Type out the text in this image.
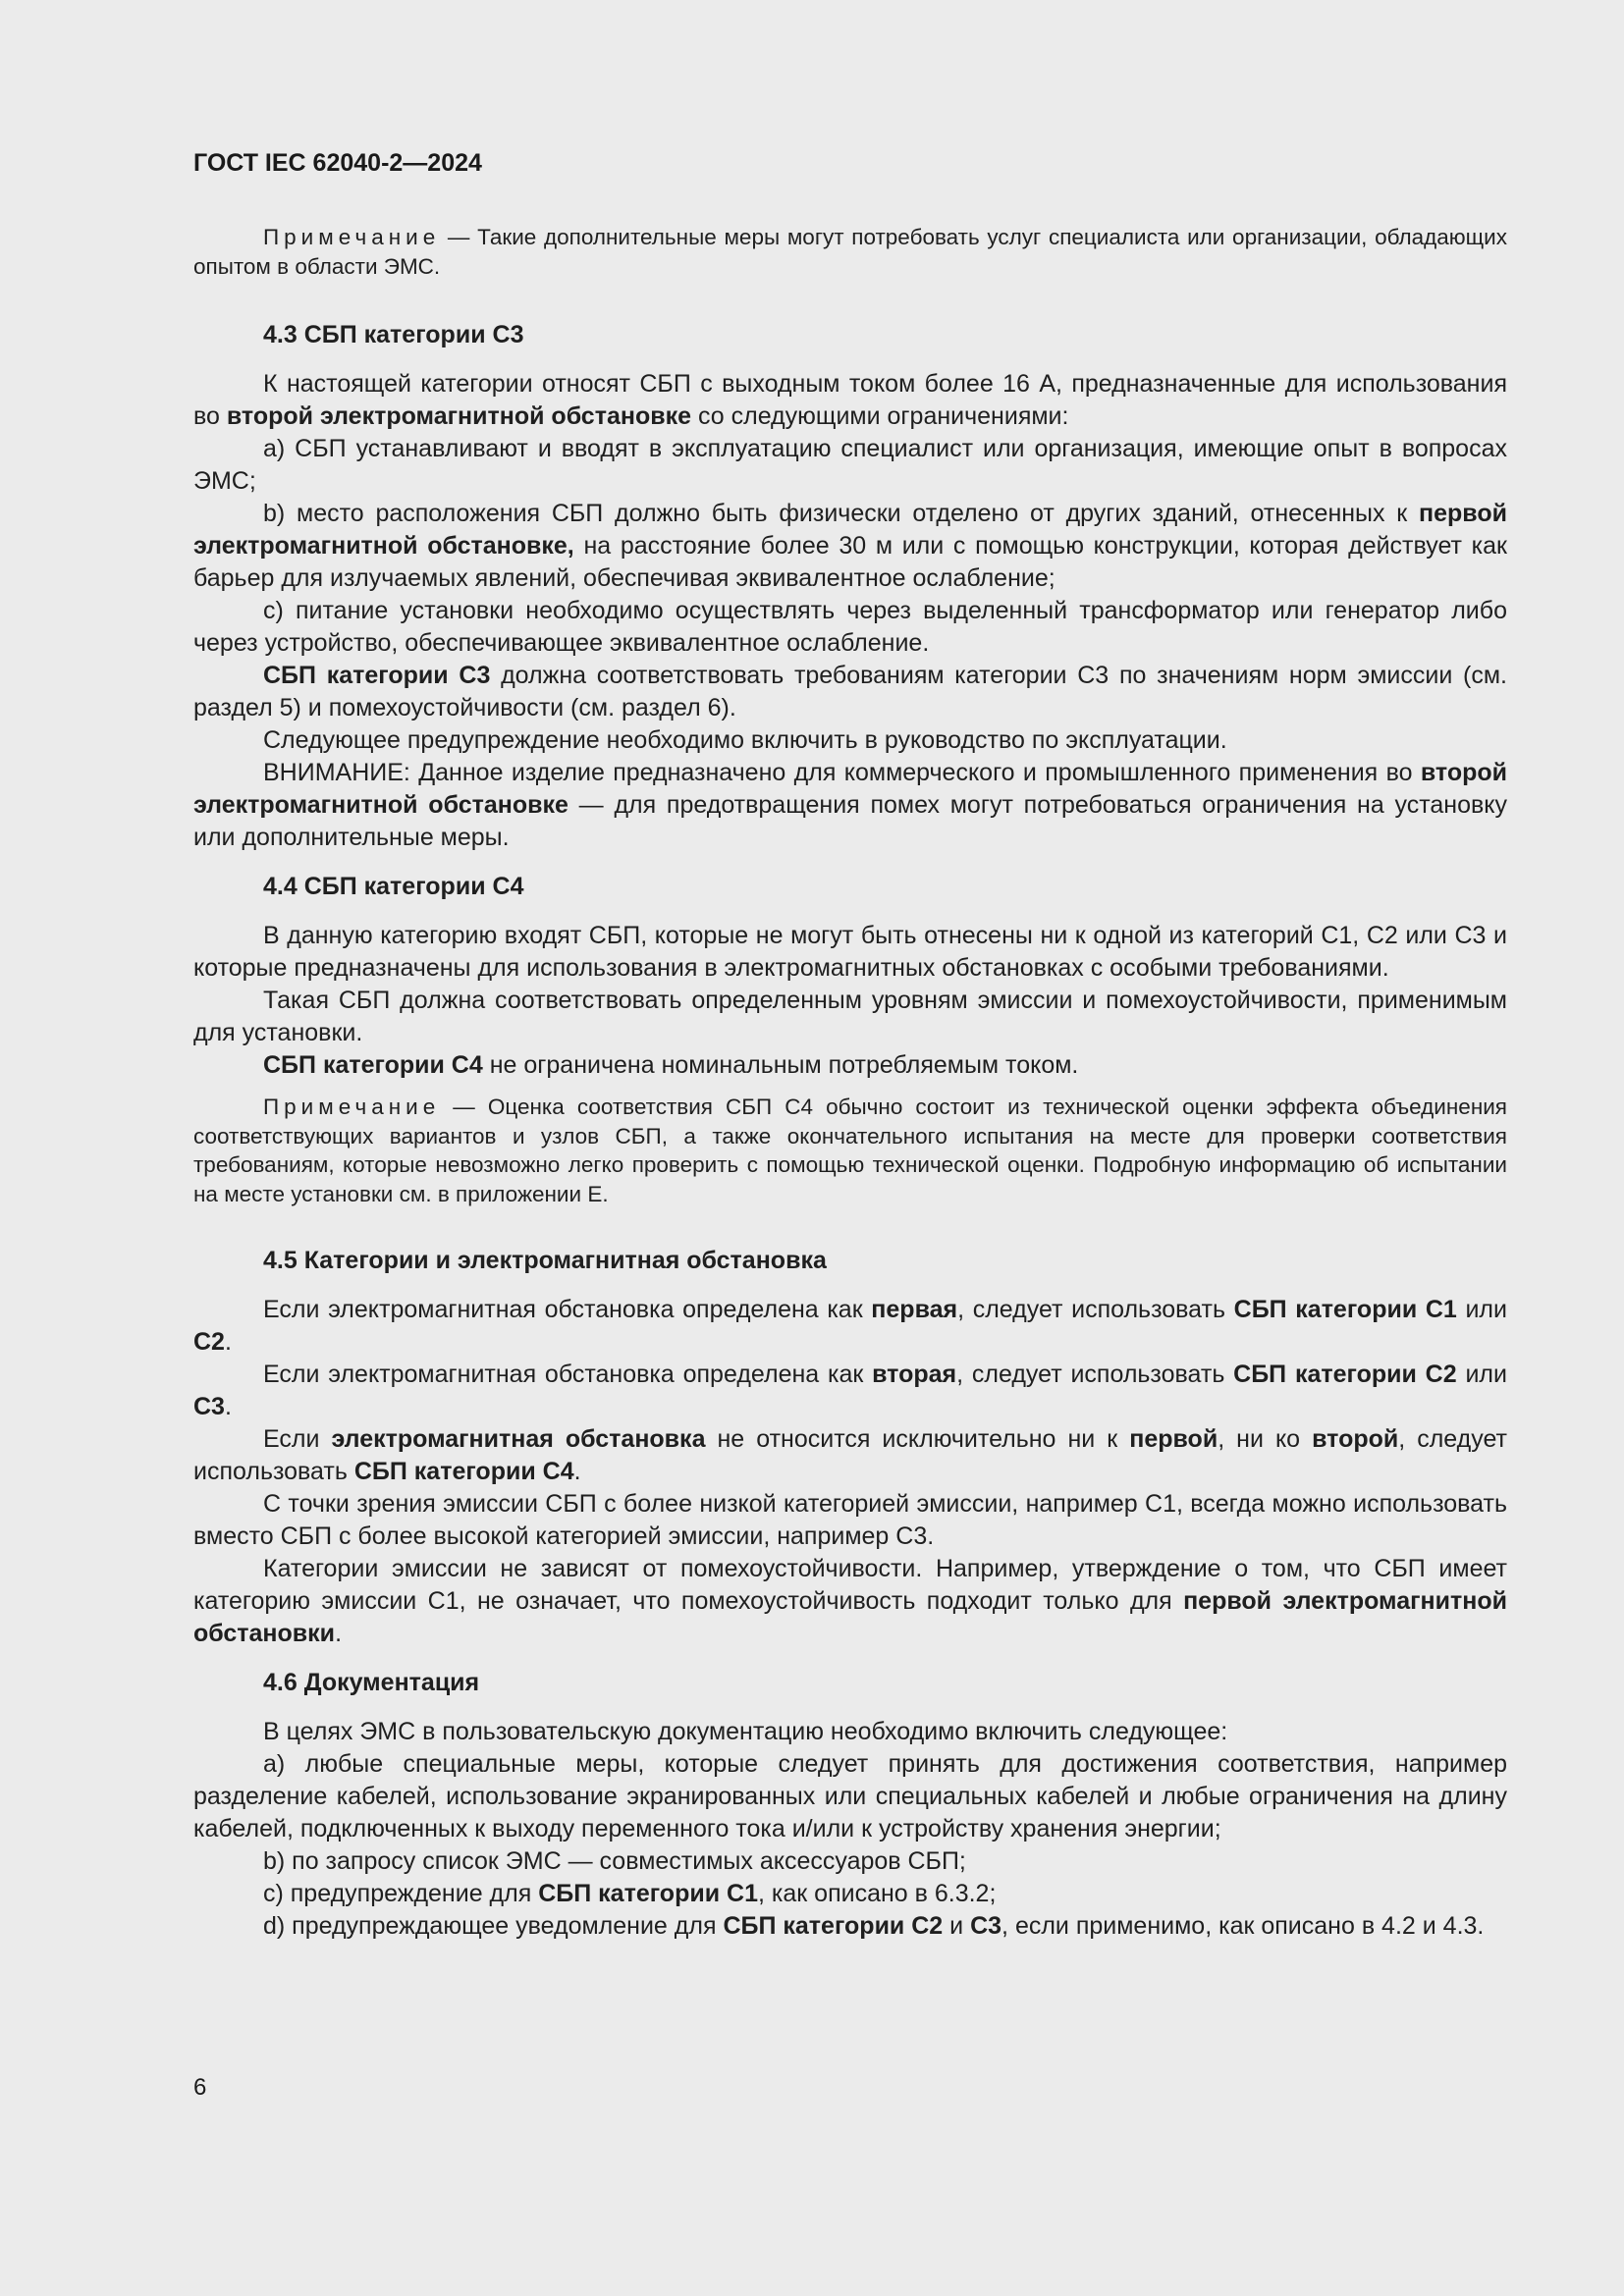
ГОСТ IEC 62040-2—2024

Примечание — Такие дополнительные меры могут потребовать услуг специалиста или организации, обладающих опытом в области ЭМС.

4.3 СБП категории С3

К настоящей категории относят СБП с выходным током более 16 А, предназначенные для использования во второй электромагнитной обстановке со следующими ограничениями:

a) СБП устанавливают и вводят в эксплуатацию специалист или организация, имеющие опыт в вопросах ЭМС;

b) место расположения СБП должно быть физически отделено от других зданий, отнесенных к первой электромагнитной обстановке, на расстояние более 30 м или с помощью конструкции, которая действует как барьер для излучаемых явлений, обеспечивая эквивалентное ослабление;

c) питание установки необходимо осуществлять через выделенный трансформатор или генератор либо через устройство, обеспечивающее эквивалентное ослабление.

СБП категории С3 должна соответствовать требованиям категории С3 по значениям норм эмиссии (см. раздел 5) и помехоустойчивости (см. раздел 6).

Следующее предупреждение необходимо включить в руководство по эксплуатации.

ВНИМАНИЕ: Данное изделие предназначено для коммерческого и промышленного применения во второй электромагнитной обстановке — для предотвращения помех могут потребоваться ограничения на установку или дополнительные меры.

4.4 СБП категории С4

В данную категорию входят СБП, которые не могут быть отнесены ни к одной из категорий С1, С2 или С3 и которые предназначены для использования в электромагнитных обстановках с особыми требованиями.

Такая СБП должна соответствовать определенным уровням эмиссии и помехоустойчивости, применимым для установки.

СБП категории С4 не ограничена номинальным потребляемым током.

Примечание — Оценка соответствия СБП С4 обычно состоит из технической оценки эффекта объединения соответствующих вариантов и узлов СБП, а также окончательного испытания на месте для проверки соответствия требованиям, которые невозможно легко проверить с помощью технической оценки. Подробную информацию об испытании на месте установки см. в приложении Е.

4.5 Категории и электромагнитная обстановка

Если электромагнитная обстановка определена как первая, следует использовать СБП категории С1 или С2.

Если электромагнитная обстановка определена как вторая, следует использовать СБП категории С2 или С3.

Если электромагнитная обстановка не относится исключительно ни к первой, ни ко второй, следует использовать СБП категории С4.

С точки зрения эмиссии СБП с более низкой категорией эмиссии, например С1, всегда можно использовать вместо СБП с более высокой категорией эмиссии, например С3.

Категории эмиссии не зависят от помехоустойчивости. Например, утверждение о том, что СБП имеет категорию эмиссии С1, не означает, что помехоустойчивость подходит только для первой электромагнитной обстановки.

4.6 Документация

В целях ЭМС в пользовательскую документацию необходимо включить следующее:

a) любые специальные меры, которые следует принять для достижения соответствия, например разделение кабелей, использование экранированных или специальных кабелей и любые ограничения на длину кабелей, подключенных к выходу переменного тока и/или к устройству хранения энергии;

b) по запросу список ЭМС — совместимых аксессуаров СБП;

c) предупреждение для СБП категории С1, как описано в 6.3.2;

d) предупреждающее уведомление для СБП категории С2 и С3, если применимо, как описано в 4.2 и 4.3.

6
